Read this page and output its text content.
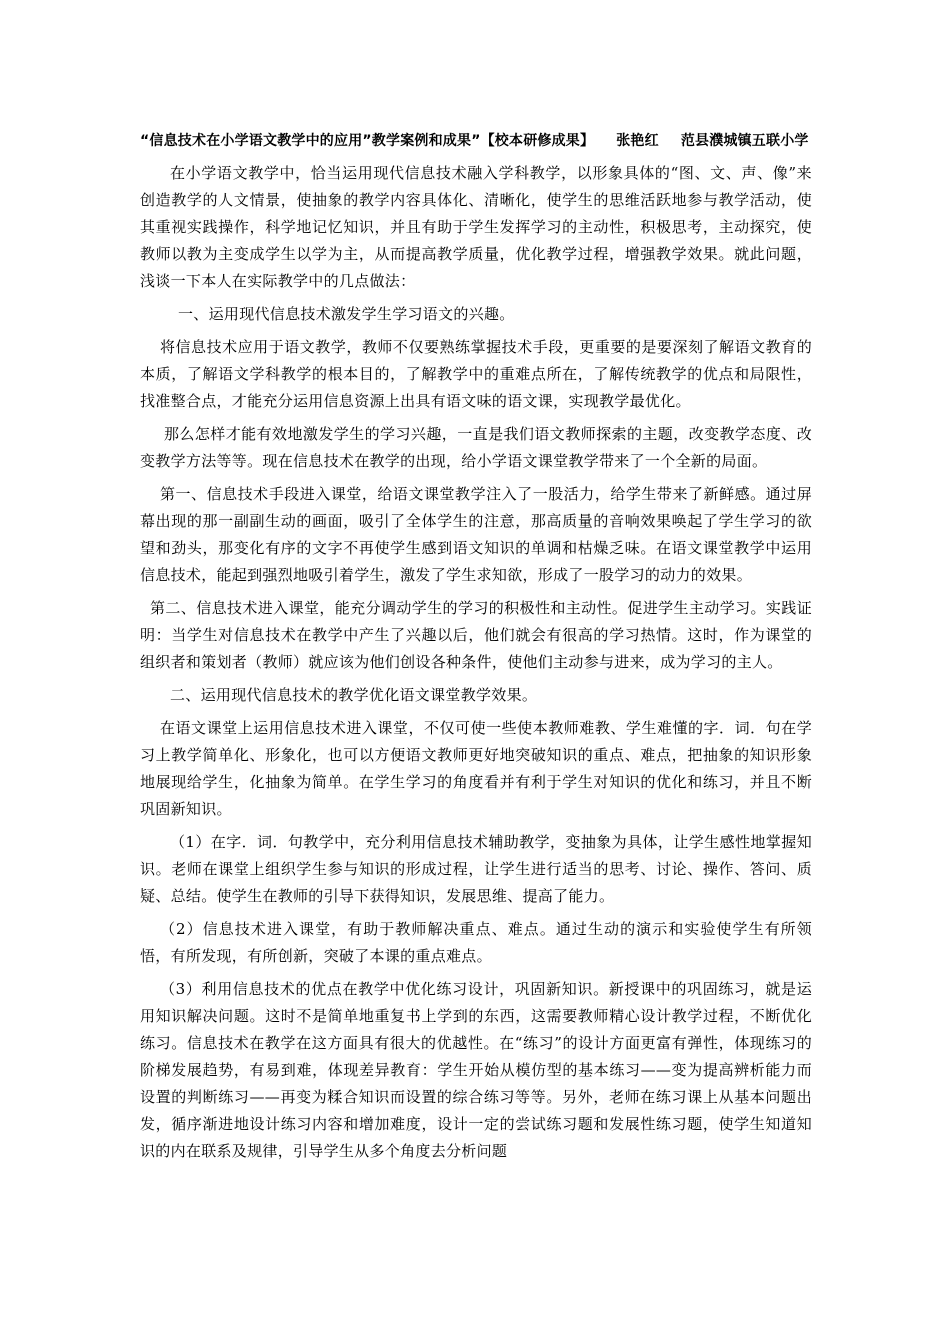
“信息技术在小学语文教学中的应用”教学案例和成果”【校本研修成果】 张艳红 范县濮城镇五联小学

在小学语文教学中，恰当运用现代信息技术融入学科教学，以形象具体的“图、文、声、像”来创造教学的人文情景，使抽象的教学内容具体化、清晰化，使学生的思维活跃地参与教学活动，使其重视实践操作，科学地记忆知识，并且有助于学生发挥学习的主动性，积极思考，主动探究，使教师以教为主变成学生以学为主，从而提高教学质量，优化教学过程，增强教学效果。就此问题，浅谈一下本人在实际教学中的几点做法：

一、运用现代信息技术激发学生学习语文的兴趣。

将信息技术应用于语文教学，教师不仅要熟练掌握技术手段，更重要的是要深刻了解语文教育的本质，了解语文学科教学的根本目的，了解教学中的重难点所在，了解传统教学的优点和局限性，找准整合点，才能充分运用信息资源上出具有语文味的语文课，实现教学最优化。

那么怎样才能有效地激发学生的学习兴趣，一直是我们语文教师探索的主题，改变教学态度、改变教学方法等等。现在信息技术在教学的出现，给小学语文课堂教学带来了一个全新的局面。

第一、信息技术手段进入课堂，给语文课堂教学注入了一股活力，给学生带来了新鲜感。通过屏幕出现的那一副副生动的画面，吸引了全体学生的注意，那高质量的音响效果唤起了学生学习的欲望和劲头，那变化有序的文字不再使学生感到语文知识的单调和枯燥乏味。在语文课堂教学中运用信息技术，能起到强烈地吸引着学生，激发了学生求知欲，形成了一股学习的动力的效果。

第二、信息技术进入课堂，能充分调动学生的学习的积极性和主动性。促进学生主动学习。实践证明：当学生对信息技术在教学中产生了兴趣以后，他们就会有很高的学习热情。这时，作为课堂的组织者和策划者（教师）就应该为他们创设各种条件，使他们主动参与进来，成为学习的主人。

二、运用现代信息技术的教学优化语文课堂教学效果。

在语文课堂上运用信息技术进入课堂，不仅可使一些使本教师难教、学生难懂的字．词．句在学习上教学简单化、形象化，也可以方便语文教师更好地突破知识的重点、难点，把抽象的知识形象地展现给学生，化抽象为简单。在学生学习的角度看并有利于学生对知识的优化和练习，并且不断巩固新知识。

（1）在字．词．句教学中，充分利用信息技术辅助教学，变抽象为具体，让学生感性地掌握知识。老师在课堂上组织学生参与知识的形成过程，让学生进行适当的思考、讨论、操作、答问、质疑、总结。使学生在教师的引导下获得知识，发展思维、提高了能力。

（2）信息技术进入课堂，有助于教师解决重点、难点。通过生动的演示和实验使学生有所领悟，有所发现，有所创新，突破了本课的重点难点。

（3）利用信息技术的优点在教学中优化练习设计，巩固新知识。新授课中的巩固练习，就是运用知识解决问题。这时不是简单地重复书上学到的东西，这需要教师精心设计教学过程，不断优化练习。信息技术在教学在这方面具有很大的优越性。在“练习”的设计方面更富有弹性，体现练习的阶梯发展趋势，有易到难，体现差异教育：学生开始从模仿型的基本练习——变为提高辨析能力而设置的判断练习——再变为糅合知识而设置的综合练习等等。另外，老师在练习课上从基本问题出发，循序渐进地设计练习内容和增加难度，设计一定的尝试练习题和发展性练习题，使学生知道知识的内在联系及规律，引导学生从多个角度去分析问题
